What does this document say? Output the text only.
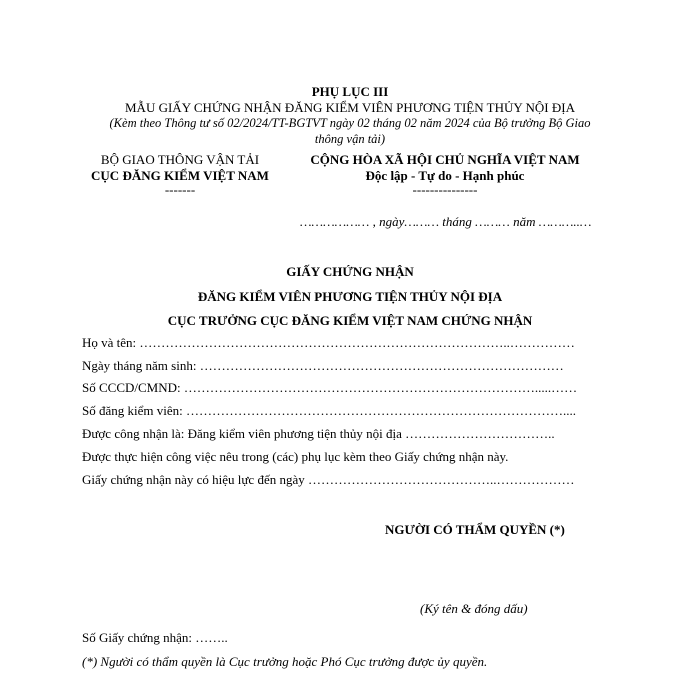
PHỤ LỤC III
MẪU GIẤY CHỨNG NHẬN ĐĂNG KIỂM VIÊN PHƯƠNG TIỆN THỦY NỘI ĐỊA
(Kèm theo Thông tư số 02/2024/TT-BGTVT ngày 02 tháng 02 năm 2024 của Bộ trưởng Bộ Giao
thông vận tải)
BỘ GIAO THÔNG VẬN TẢI
CỤC ĐĂNG KIỂM VIỆT NAM
-------
CỘNG HÒA XÃ HỘI CHỦ NGHĨA VIỆT NAM
Độc lập - Tự do - Hạnh phúc
---------------
……………… , ngày……… tháng ……… năm ………..…
GIẤY CHỨNG NHẬN
ĐĂNG KIỂM VIÊN PHƯƠNG TIỆN THỦY NỘI ĐỊA
CỤC TRƯỞNG CỤC ĐĂNG KIỂM VIỆT NAM CHỨNG NHẬN
Họ và tên: …………………………………………………………………………..……………
Ngày tháng năm sinh: …………………………………………………………………………
Số CCCD/CMND: ……………………………………………………………………….....……
Số đăng kiểm viên: ……………………………………………………………………………....
Được công nhận là: Đăng kiểm viên phương tiện thủy nội địa ……………………………..
Được thực hiện công việc nêu trong (các) phụ lục kèm theo Giấy chứng nhận này.
Giấy chứng nhận này có hiệu lực đến ngày ……………………………………..………………
NGƯỜI CÓ THẨM QUYỀN (*)
(Ký tên & đóng dấu)
Số Giấy chứng nhận: ……..
(*) Người có thẩm quyền là Cục trưởng hoặc Phó Cục trưởng được ủy quyền.
